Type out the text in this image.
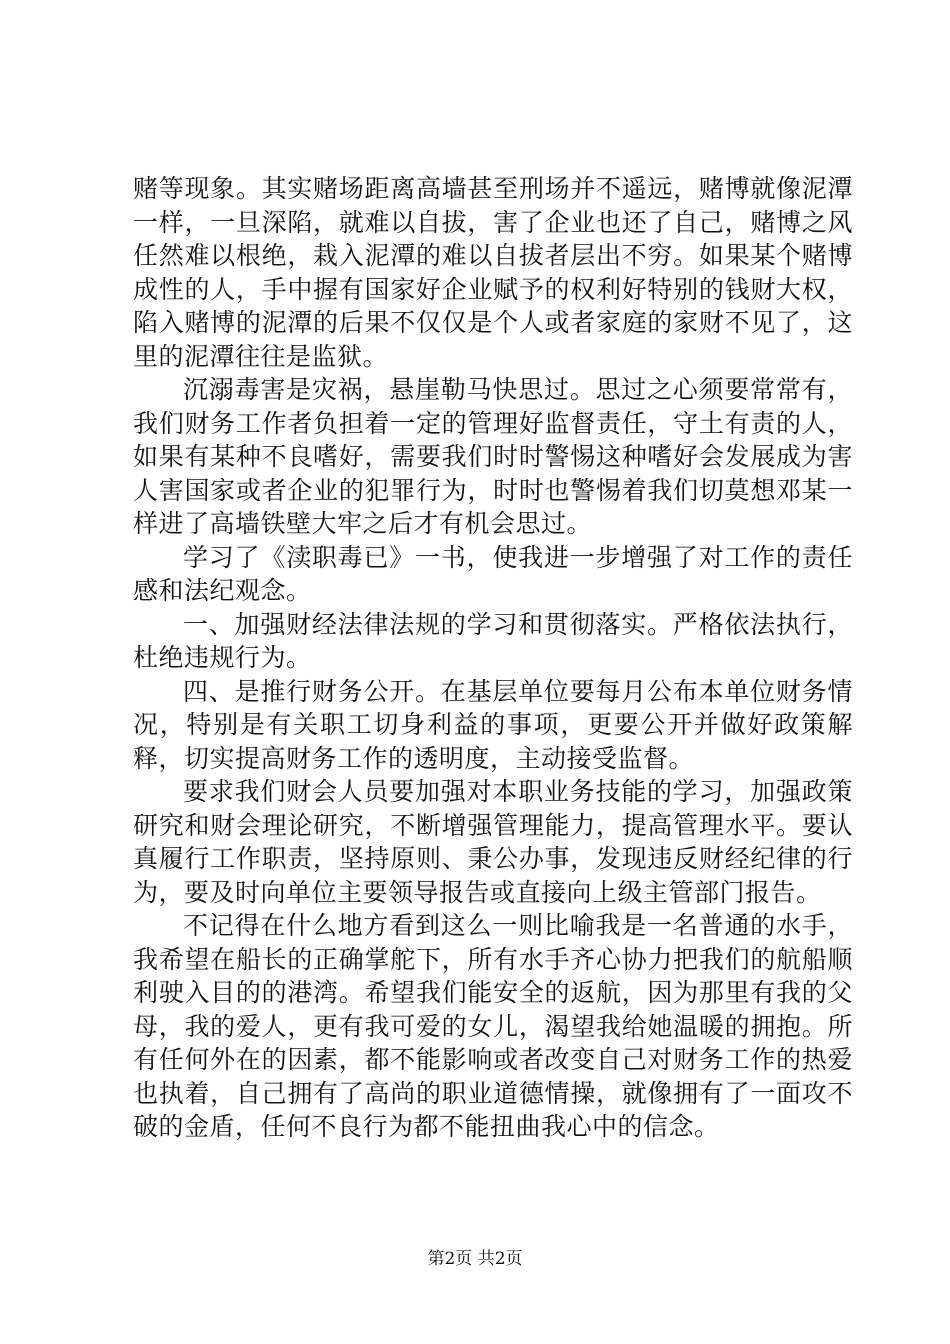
赌等现象。其实赌场距离高墙甚至刑场并不遥远，赌博就像泥潭一样，一旦深陷，就难以自拔，害了企业也还了自己，赌博之风任然难以根绝，栽入泥潭的难以自拔者层出不穷。如果某个赌博成性的人，手中握有国家好企业赋予的权利好特别的钱财大权，陷入赌博的泥潭的后果不仅仅是个人或者家庭的家财不见了，这里的泥潭往往是监狱。

沉溺毒害是灾祸，悬崖勒马快思过。思过之心须要常常有，我们财务工作者负担着一定的管理好监督责任，守土有责的人，如果有某种不良嗜好，需要我们时时警惕这种嗜好会发展成为害人害国家或者企业的犯罪行为，时时也警惕着我们切莫想邓某一样进了高墙铁壁大牢之后才有机会思过。

学习了《渎职毒已》一书，使我进一步增强了对工作的责任感和法纪观念。

一、加强财经法律法规的学习和贯彻落实。严格依法执行，杜绝违规行为。

四、是推行财务公开。在基层单位要每月公布本单位财务情况，特别是有关职工切身利益的事项，更要公开并做好政策解释，切实提高财务工作的透明度，主动接受监督。

要求我们财会人员要加强对本职业务技能的学习，加强政策研究和财会理论研究，不断增强管理能力，提高管理水平。要认真履行工作职责，坚持原则、秉公办事，发现违反财经纪律的行为，要及时向单位主要领导报告或直接向上级主管部门报告。

不记得在什么地方看到这么一则比喻我是一名普通的水手，我希望在船长的正确掌舵下，所有水手齐心协力把我们的航船顺利驶入目的的港湾。希望我们能安全的返航，因为那里有我的父母，我的爱人，更有我可爱的女儿，渴望我给她温暖的拥抱。所有任何外在的因素，都不能影响或者改变自己对财务工作的热爱也执着，自己拥有了高尚的职业道德情操，就像拥有了一面攻不破的金盾，任何不良行为都不能扭曲我心中的信念。

第2页 共2页
